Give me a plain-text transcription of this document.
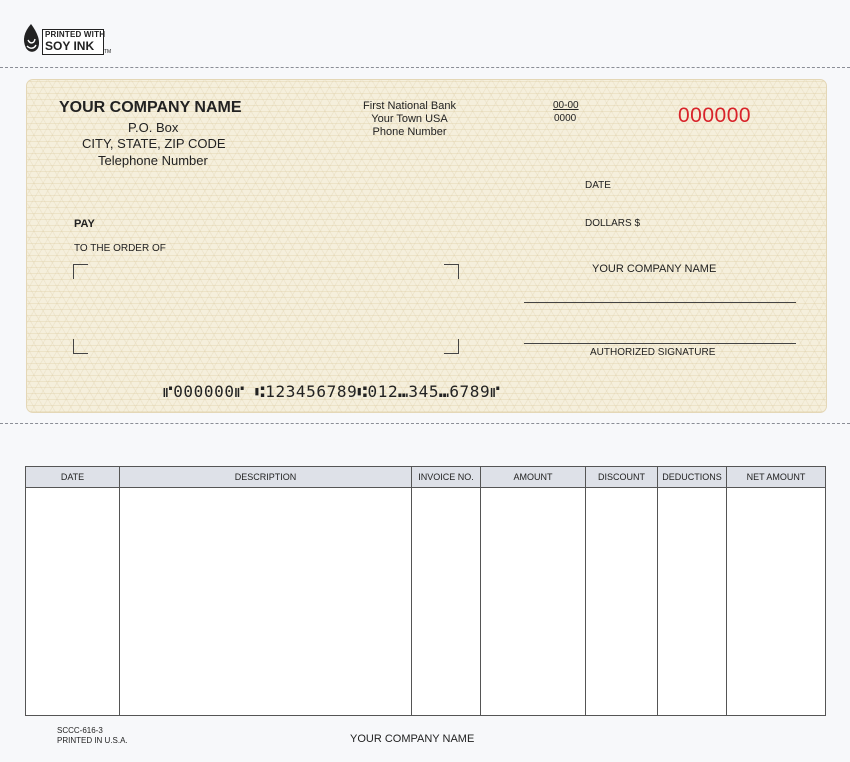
PRINTED WITH
SOY INK TM
YOUR COMPANY NAME
P.O. Box
CITY, STATE, ZIP CODE
Telephone Number
First National Bank
Your Town USA
Phone Number
00-00
0000	000000
DATE
PAY	DOLLARS $
TO THE ORDER OF
YOUR COMPANY NAME
AUTHORIZED SIGNATURE
⑈000000⑈ ⑆123456789⑆012⑉345⑉6789⑈
DATE	DESCRIPTION	INVOICE NO.	AMOUNT	DISCOUNT	DEDUCTIONS	NET AMOUNT
SCCC-616-3
PRINTED IN U.S.A.	YOUR COMPANY NAME
